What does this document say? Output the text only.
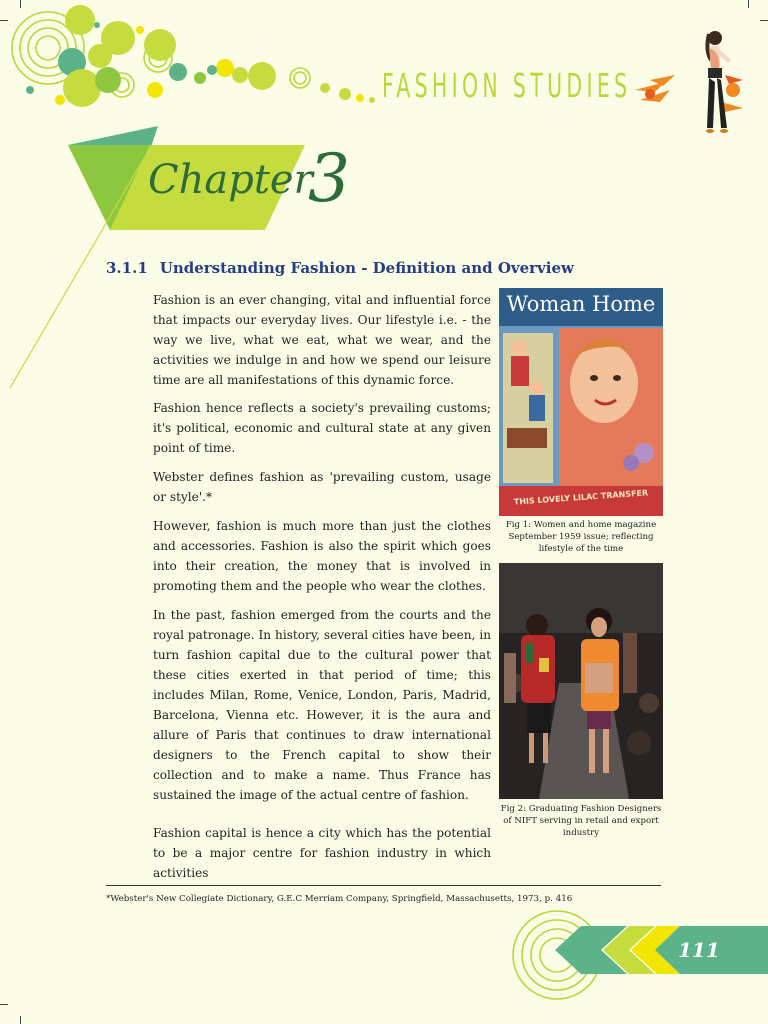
FASHION STUDIES
Chapter
3
3.1.1 Understanding Fashion - Definition and Overview

Fashion is an ever changing, vital and influential force that impacts our everyday lives. Our lifestyle i.e. - the way we live, what we eat, what we wear, and the activities we indulge in and how we spend our leisure time are all manifestations of this dynamic force.

Fashion hence reflects a society's prevailing customs; it's political, economic and cultural state at any given point of time.

Webster defines fashion as 'prevailing custom, usage or style'.*

However, fashion is much more than just the clothes and accessories. Fashion is also the spirit which goes into their creation, the money that is involved in promoting them and the people who wear the clothes.

In the past, fashion emerged from the courts and the royal patronage. In history, several cities have been, in turn fashion capital due to the cultural power that these cities exerted in that period of time; this includes Milan, Rome, Venice, London, Paris, Madrid, Barcelona, Vienna etc. However, it is the aura and allure of Paris that continues to draw international designers to the French capital to show their collection and to make a name. Thus France has sustained the image of the actual centre of fashion.

Fashion capital is hence a city which has the potential to be a major centre for fashion industry in which activities

Woman Home
THIS LOVELY LILAC TRANSFER
Fig 1: Women and home magazine September 1959 issue; reflecting lifestyle of the time
Fig 2: Graduating Fashion Designers of NIFT serving in retail and export industry
*Webster's New Collegiate Dictionary, G.E.C Merriam Company, Springfield, Massachusetts, 1973, p. 416
111
